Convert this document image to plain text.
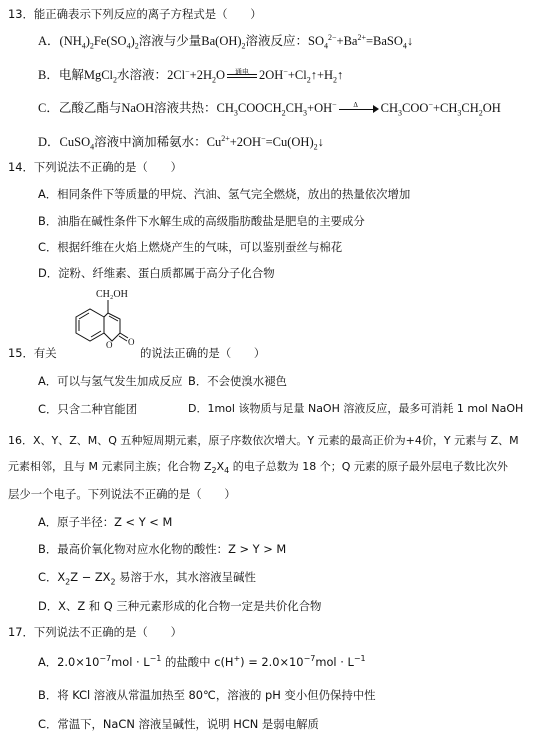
13．能正确表示下列反应的离子方程式是（　　）
A．$(NH_4)_2Fe(SO_4)_2$溶液与少量$Ba(OH)_2$溶液反应：$SO_4^{2-}+Ba^{2+}=BaSO_4↓$
B．电解MgCl$_2$水溶液：$2Cl^-+2H_2O$	通电 $2OH^-+Cl_2↑+H_2↑$
C．乙酸乙酯与NaOH溶液共热：$CH_3COOCH_2CH_3+OH^-$	Δ	$CH_3COO^-+CH_3CH_2OH$
D．CuSO$_4$溶液中滴加稀氨水：$Cu^{2+}+2OH^-=Cu(OH)_2↓$
14．下列说法不正确的是（　　）
A．相同条件下等质量的甲烷、汽油、氢气完全燃烧，放出的热量依次增加
B．油脂在碱性条件下水解生成的高级脂肪酸盐是肥皂的主要成分
C．根据纤维在火焰上燃烧产生的气味，可以鉴别蚕丝与棉花
D．淀粉、纤维素、蛋白质都属于高分子化合物
CH₂OH
O O
15．有关	的说法正确的是（　　）
A．可以与氢气发生加成反应 B．不会使溴水褪色
C．只含二种官能团	D．1mol 该物质与足量 NaOH 溶液反应，最多可消耗 1 mol NaOH
16．X、Y、Z、M、Q 五种短周期元素，原子序数依次增大。Y 元素的最高正价为+4价，Y 元素与 Z、M
元素相邻，且与 M 元素同主族；化合物 $Z_2X_4$ 的电子总数为 18 个；Q 元素的原子最外层电子数比次外
层少一个电子。下列说法不正确的是（　　）
A．原子半径：Z < Y < M
B．最高价氧化物对应水化物的酸性：Z > Y > M
C．$X_2Z - ZX_2$ 易溶于水，其水溶液呈碱性
D．X、Z 和 Q 三种元素形成的化合物一定是共价化合物
17．下列说法不正确的是（　　）
A．$2.0\times 10^{-7}mol \cdot L^{-1}$ 的盐酸中 $c(H^+) = 2.0\times 10^{-7}mol \cdot L^{-1}$
B．将 KCl 溶液从常温加热至 80℃，溶液的 pH 变小但仍保持中性
C．常温下，NaCN 溶液呈碱性，说明 HCN 是弱电解质
